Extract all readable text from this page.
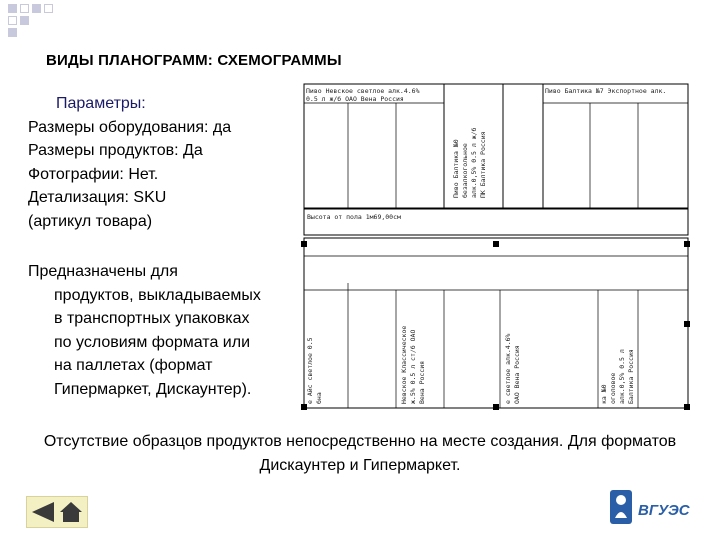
ВИДЫ ПЛАНОГРАММ: СХЕМОГРАММЫ
Параметры:
Размеры оборудования: да
Размеры продуктов: Да
Фотографии: Нет.
Детализация: SKU
(артикул товара)
Пиво Невское светлое алк.4.6%
0.5 л ж/б ОАО Вена Россия
Пиво Балтика №7 Экспортное алк.
Пиво Балтика №0 безалкогольное алк.0,5% 0.5 л ж/б ПК Балтика Россия
Высота от пола 1м69,00см
е Айс светлое 0.5 бна	Невское Классическое ж.5% 0.5 л ст/б ОАО Вена Россия	е светлое алк.4.6% ОАО Вена Россия	ка №0 оголовое алк.0,5% 0.5 л Балтика Россия
Предназначены для
продуктов, выкладываемых
в транспортных упаковках
по условиям формата или
на паллетах (формат
Гипермаркет, Дискаунтер).
Отсутствие образцов продуктов непосредственно на месте создания. Для форматов Дискаунтер и Гипермаркет.
ВГУЭС
